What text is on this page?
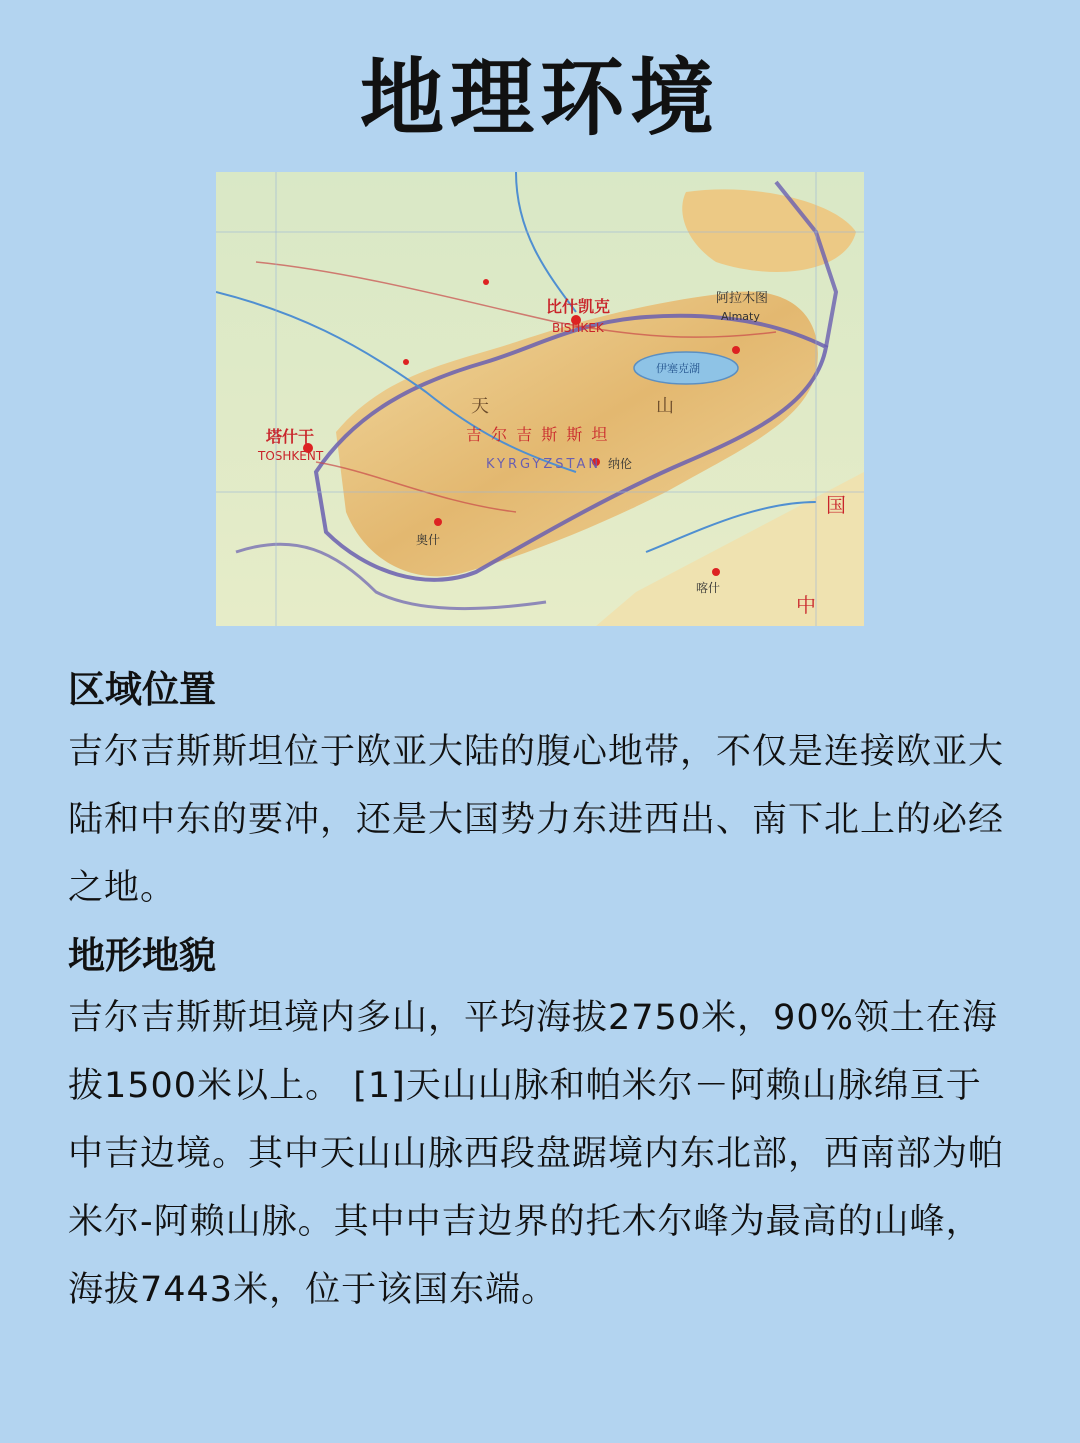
地理环境
比什凯克
BISHKEK
塔什干
TOSHKENT
KYRGYZSTAN
吉 尔 吉 斯 斯 坦
天	山
伊塞克湖
阿拉木图
Almaty
奥什
纳伦
喀什
中
国

区域位置

吉尔吉斯斯坦位于欧亚大陆的腹心地带，不仅是连接欧亚大陆和中东的要冲，还是大国势力东进西出、南下北上的必经之地。

地形地貌

吉尔吉斯斯坦境内多山，平均海拔2750米，90%领土在海拔1500米以上。 [1]天山山脉和帕米尔－阿赖山脉绵亘于中吉边境。其中天山山脉西段盘踞境内东北部，西南部为帕米尔-阿赖山脉。其中中吉边界的托木尔峰为最高的山峰，海拔7443米，位于该国东端。
